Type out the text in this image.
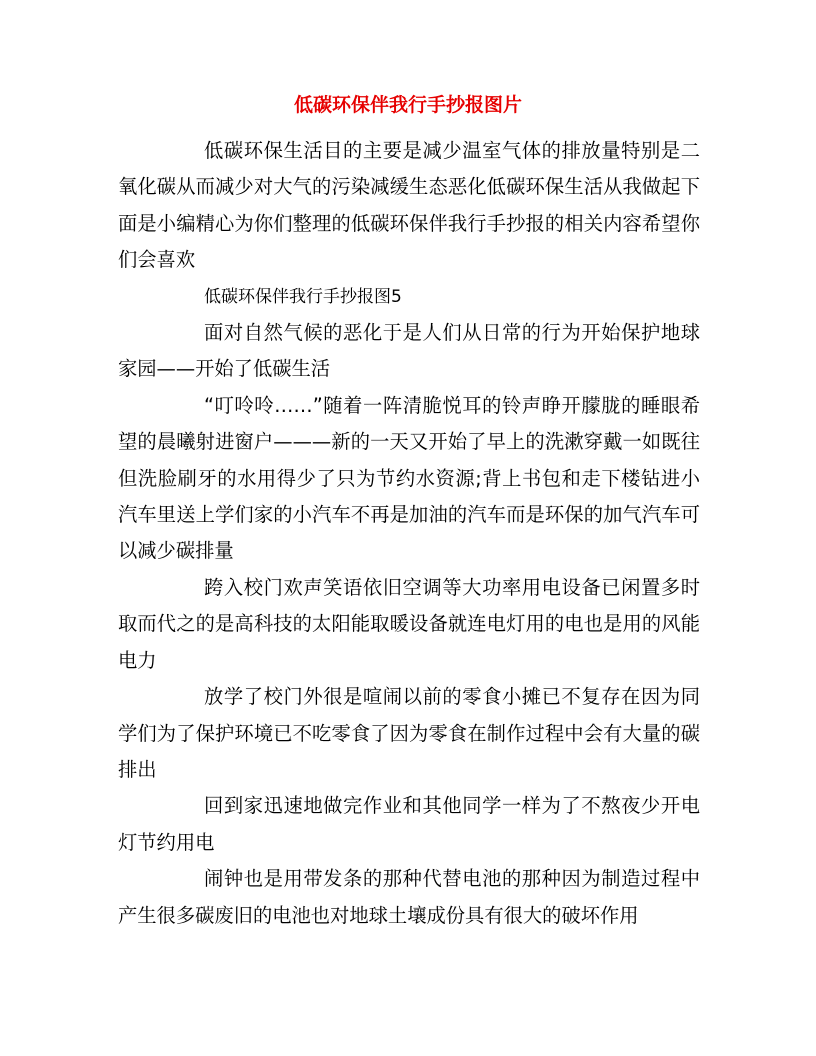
低碳环保伴我行手抄报图片

低碳环保生活目的主要是减少温室气体的排放量特别是二氧化碳从而减少对大气的污染减缓生态恶化低碳环保生活从我做起下面是小编精心为你们整理的低碳环保伴我行手抄报的相关内容希望你们会喜欢

低碳环保伴我行手抄报图5

面对自然气候的恶化于是人们从日常的行为开始保护地球家园——开始了低碳生活

“叮呤呤……”随着一阵清脆悦耳的铃声睁开朦胧的睡眼希望的晨曦射进窗户———新的一天又开始了早上的洗漱穿戴一如既往但洗脸刷牙的水用得少了只为节约水资源;背上书包和走下楼钻进小汽车里送上学们家的小汽车不再是加油的汽车而是环保的加气汽车可以减少碳排量

跨入校门欢声笑语依旧空调等大功率用电设备已闲置多时取而代之的是高科技的太阳能取暖设备就连电灯用的电也是用的风能电力

放学了校门外很是喧闹以前的零食小摊已不复存在因为同学们为了保护环境已不吃零食了因为零食在制作过程中会有大量的碳排出

回到家迅速地做完作业和其他同学一样为了不熬夜少开电灯节约用电

闹钟也是用带发条的那种代替电池的那种因为制造过程中产生很多碳废旧的电池也对地球土壤成份具有很大的破坏作用
